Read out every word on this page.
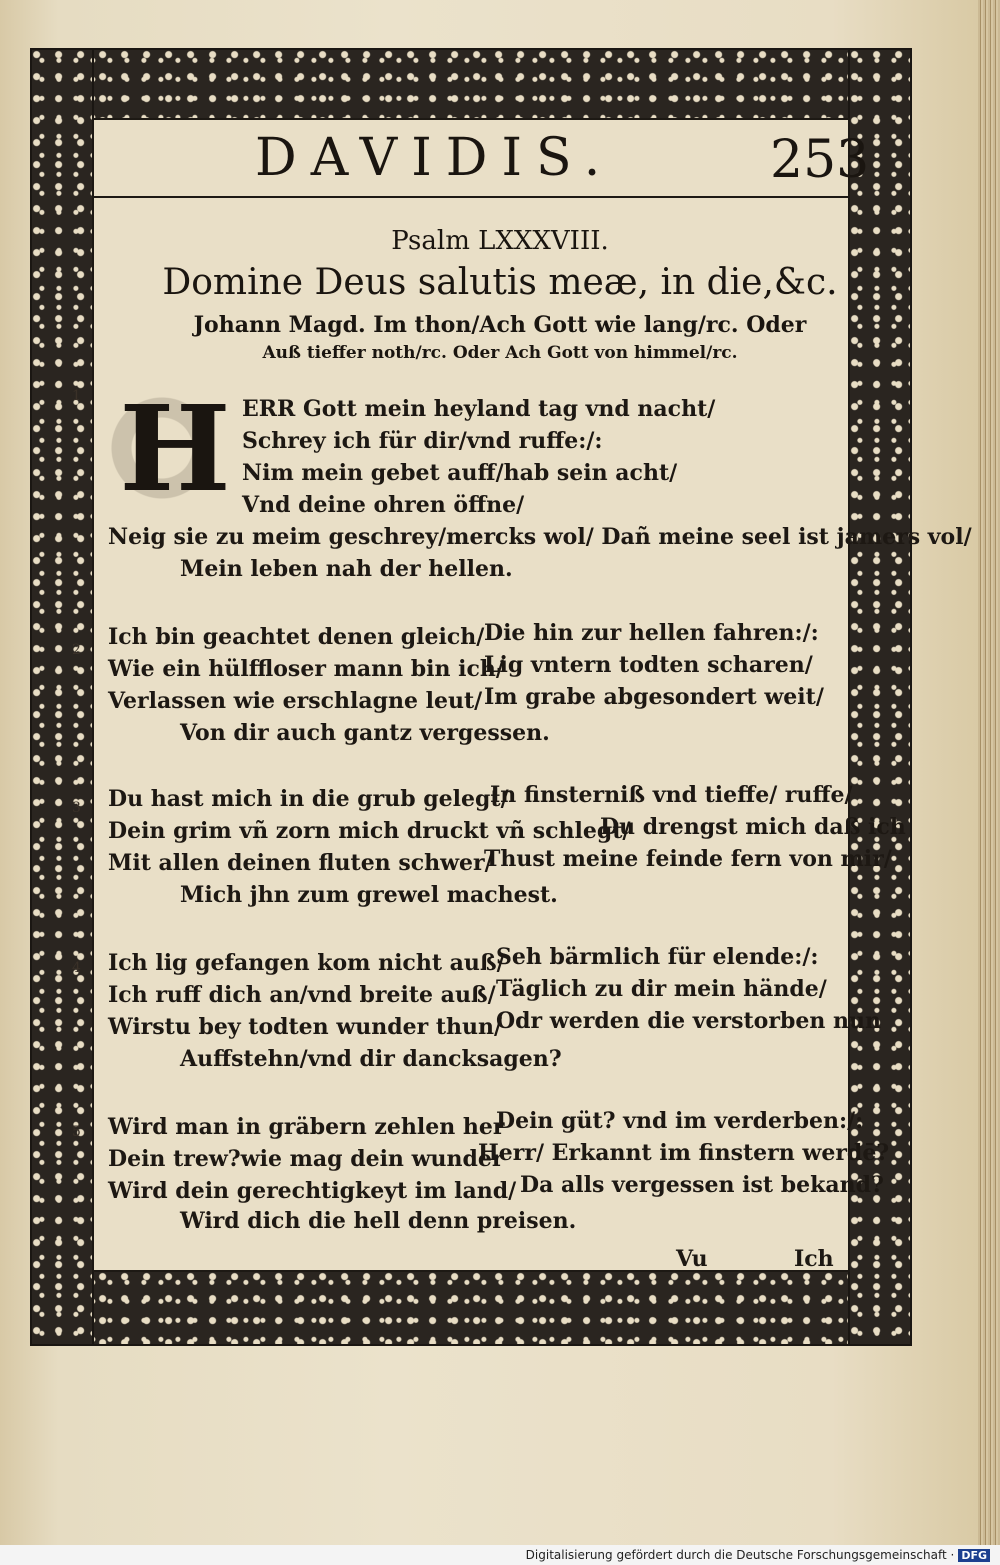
DAVIDIS.	253
Psalm LXXXVIII.
Domine Deus salutis meæ, in die,&c.

Johann Magd. Im thon/Ach Gott wie lang/rc. Oder

Auß tieffer noth/rc. Oder Ach Gott von himmel/rc.

1 H ERR Gott mein heyland tag vnd nacht/

Schrey ich für dir/vnd ruffe:/:

Nim mein gebet auff/hab sein acht/

Vnd deine ohren öffne/

Neig sie zu meim geschrey/mercks wol/ Dañ meine seel ist jamers vol/

Mein leben nah der hellen.

2 Ich bin geachtet denen gleich/

Wie ein hülffloser mann bin ich/

Verlassen wie erschlagne leut/

Die hin zur hellen fahren:/:

Lig vntern todten scharen/

Im grabe abgesondert weit/

Von dir auch gantz vergessen.

3 Du hast mich in die grub gelegt/

Dein grim vñ zorn mich druckt vñ schlegt/

Mit allen deinen fluten schwer/

In finsterniß vnd tieffe/ ruffe/

Du drengst mich daß ich

Thust meine feinde fern von mir/

Mich jhn zum grewel machest.

4 Ich lig gefangen kom nicht auß/

Ich ruff dich an/vnd breite auß/

Wirstu bey todten wunder thun/

Seh bärmlich für elende:/:

Täglich zu dir mein hände/

Odr werden die verstorben nun

Auffstehn/vnd dir dancksagen?

5 Wird man in gräbern zehlen her

Dein trew?wie mag dein wunder

Wird dein gerechtigkeyt im land/

Dein güt? vnd im verderben:/:

Herr/ Erkannt im finstern werdē?

Da alls vergessen ist bekand?

Wird dich die hell denn preisen.

Vu	Ich
Digitalisierung gefördert durch die Deutsche Forschungsgemeinschaft · DFG
